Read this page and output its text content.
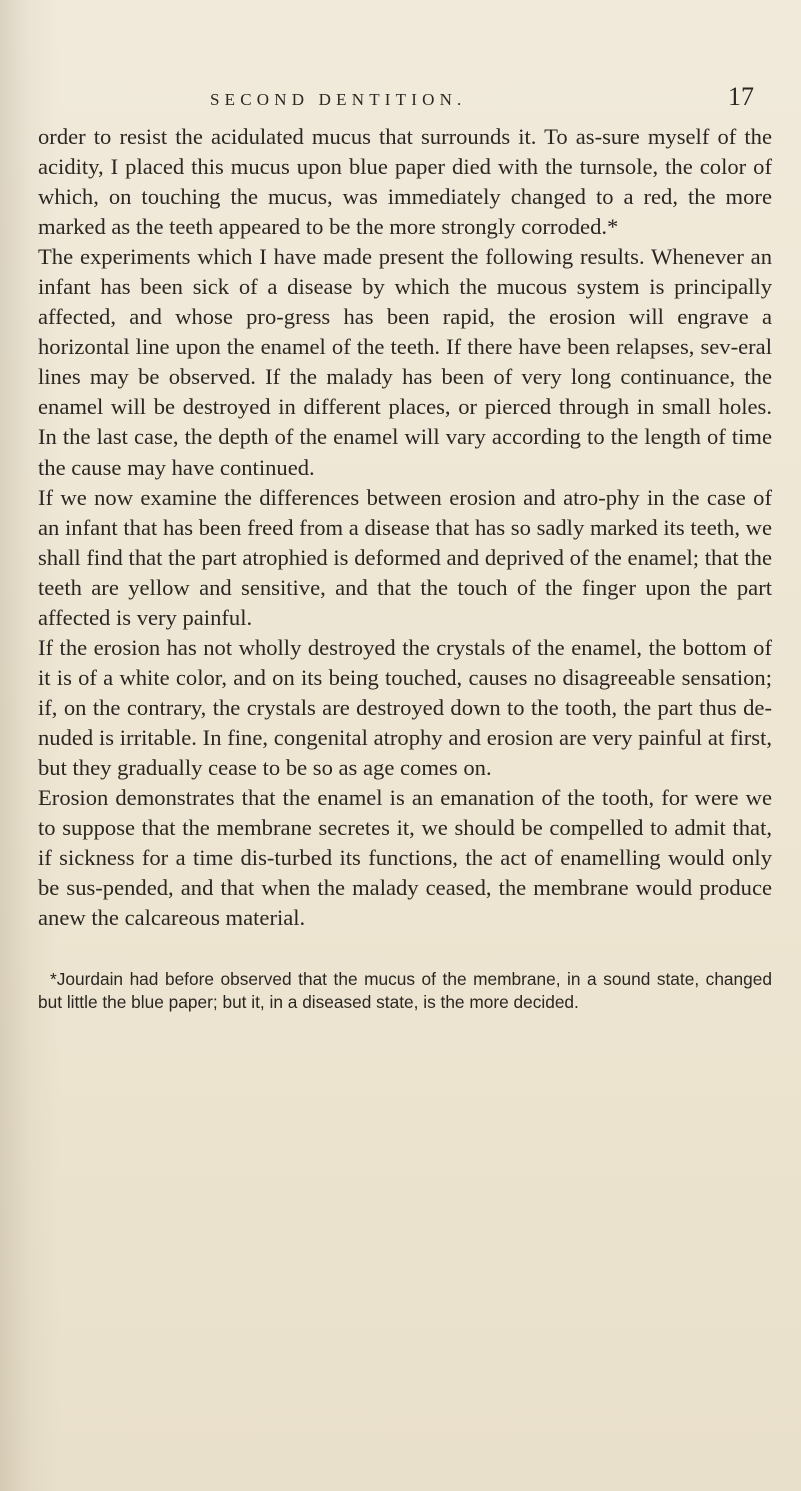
SECOND DENTITION.	17

order to resist the acidulated mucus that surrounds it. To as-sure myself of the acidity, I placed this mucus upon blue paper died with the turnsole, the color of which, on touching the mucus, was immediately changed to a red, the more marked as the teeth appeared to be the more strongly corroded.*

The experiments which I have made present the following results. Whenever an infant has been sick of a disease by which the mucous system is principally affected, and whose pro-gress has been rapid, the erosion will engrave a horizontal line upon the enamel of the teeth. If there have been relapses, sev-eral lines may be observed. If the malady has been of very long continuance, the enamel will be destroyed in different places, or pierced through in small holes. In the last case, the depth of the enamel will vary according to the length of time the cause may have continued.

If we now examine the differences between erosion and atro-phy in the case of an infant that has been freed from a disease that has so sadly marked its teeth, we shall find that the part atrophied is deformed and deprived of the enamel; that the teeth are yellow and sensitive, and that the touch of the finger upon the part affected is very painful.

If the erosion has not wholly destroyed the crystals of the enamel, the bottom of it is of a white color, and on its being touched, causes no disagreeable sensation; if, on the contrary, the crystals are destroyed down to the tooth, the part thus de-nuded is irritable. In fine, congenital atrophy and erosion are very painful at first, but they gradually cease to be so as age comes on.

Erosion demonstrates that the enamel is an emanation of the tooth, for were we to suppose that the membrane secretes it, we should be compelled to admit that, if sickness for a time dis-turbed its functions, the act of enamelling would only be sus-pended, and that when the malady ceased, the membrane would produce anew the calcareous material.

*Jourdain had before observed that the mucus of the membrane, in a sound state, changed but little the blue paper; but it, in a diseased state, is the more decided.
